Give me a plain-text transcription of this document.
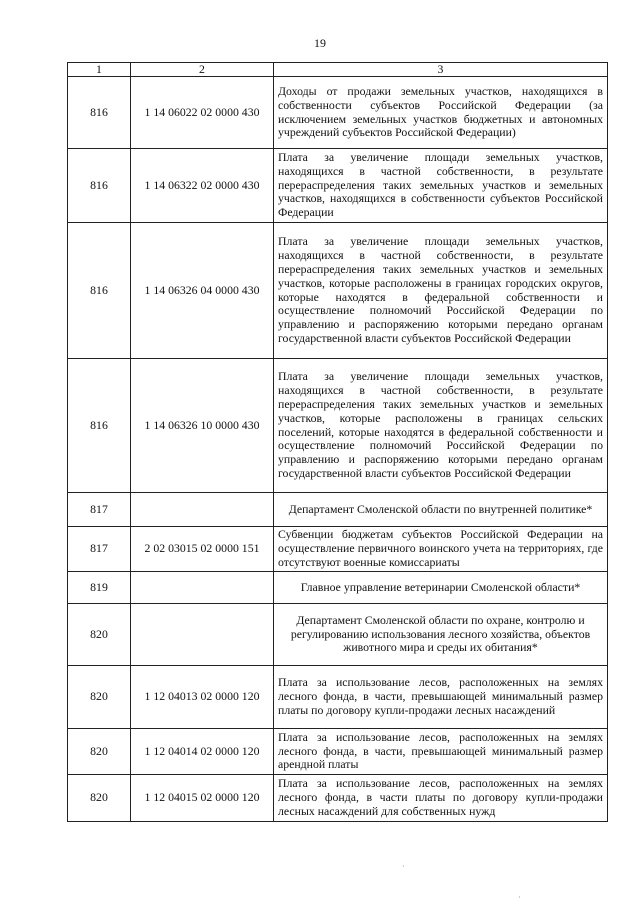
19
1	2	3
816	1 14 06022 02 0000 430	Доходы от продажи земельных участков, находящихся в собственности субъектов Российской Федерации (за исключением земельных участков бюджетных и автономных учреждений субъектов Российской Федерации)
816	1 14 06322 02 0000 430	Плата за увеличение площади земельных участков, находящихся в частной собственности, в результате перераспределения таких земельных участков и земельных участков, находящихся в собственности субъектов Российской Федерации
816	1 14 06326 04 0000 430	Плата за увеличение площади земельных участков, находящихся в частной собственности, в результате перераспределения таких земельных участков и земельных участков, которые расположены в границах городских округов, которые находятся в федеральной собственности и осуществление полномочий Российской Федерации по управлению и распоряжению которыми передано органам государственной власти субъектов Российской Федерации
816	1 14 06326 10 0000 430	Плата за увеличение площади земельных участков, находящихся в частной собственности, в результате перераспределения таких земельных участков и земельных участков, которые расположены в границах сельских поселений, которые находятся в федеральной собственности и осуществление полномочий Российской Федерации по управлению и распоряжению которыми передано органам государственной власти субъектов Российской Федерации
817		Департамент Смоленской области по внутренней политике*
817	2 02 03015 02 0000 151	Субвенции бюджетам субъектов Российской Федерации на осуществление первичного воинского учета на территориях, где отсутствуют военные комиссариаты
819		Главное управление ветеринарии Смоленской области*
820		Департамент Смоленской области по охране, контролю и регулированию использования лесного хозяйства, объектов животного мира и среды их обитания*
820	1 12 04013 02 0000 120	Плата за использование лесов, расположенных на землях лесного фонда, в части, превышающей минимальный размер платы по договору купли-продажи лесных насаждений
820	1 12 04014 02 0000 120	Плата за использование лесов, расположенных на землях лесного фонда, в части, превышающей минимальный размер арендной платы
820	1 12 04015 02 0000 120	Плата за использование лесов, расположенных на землях лесного фонда, в части платы по договору купли-продажи лесных насаждений для собственных нужд
·
·
